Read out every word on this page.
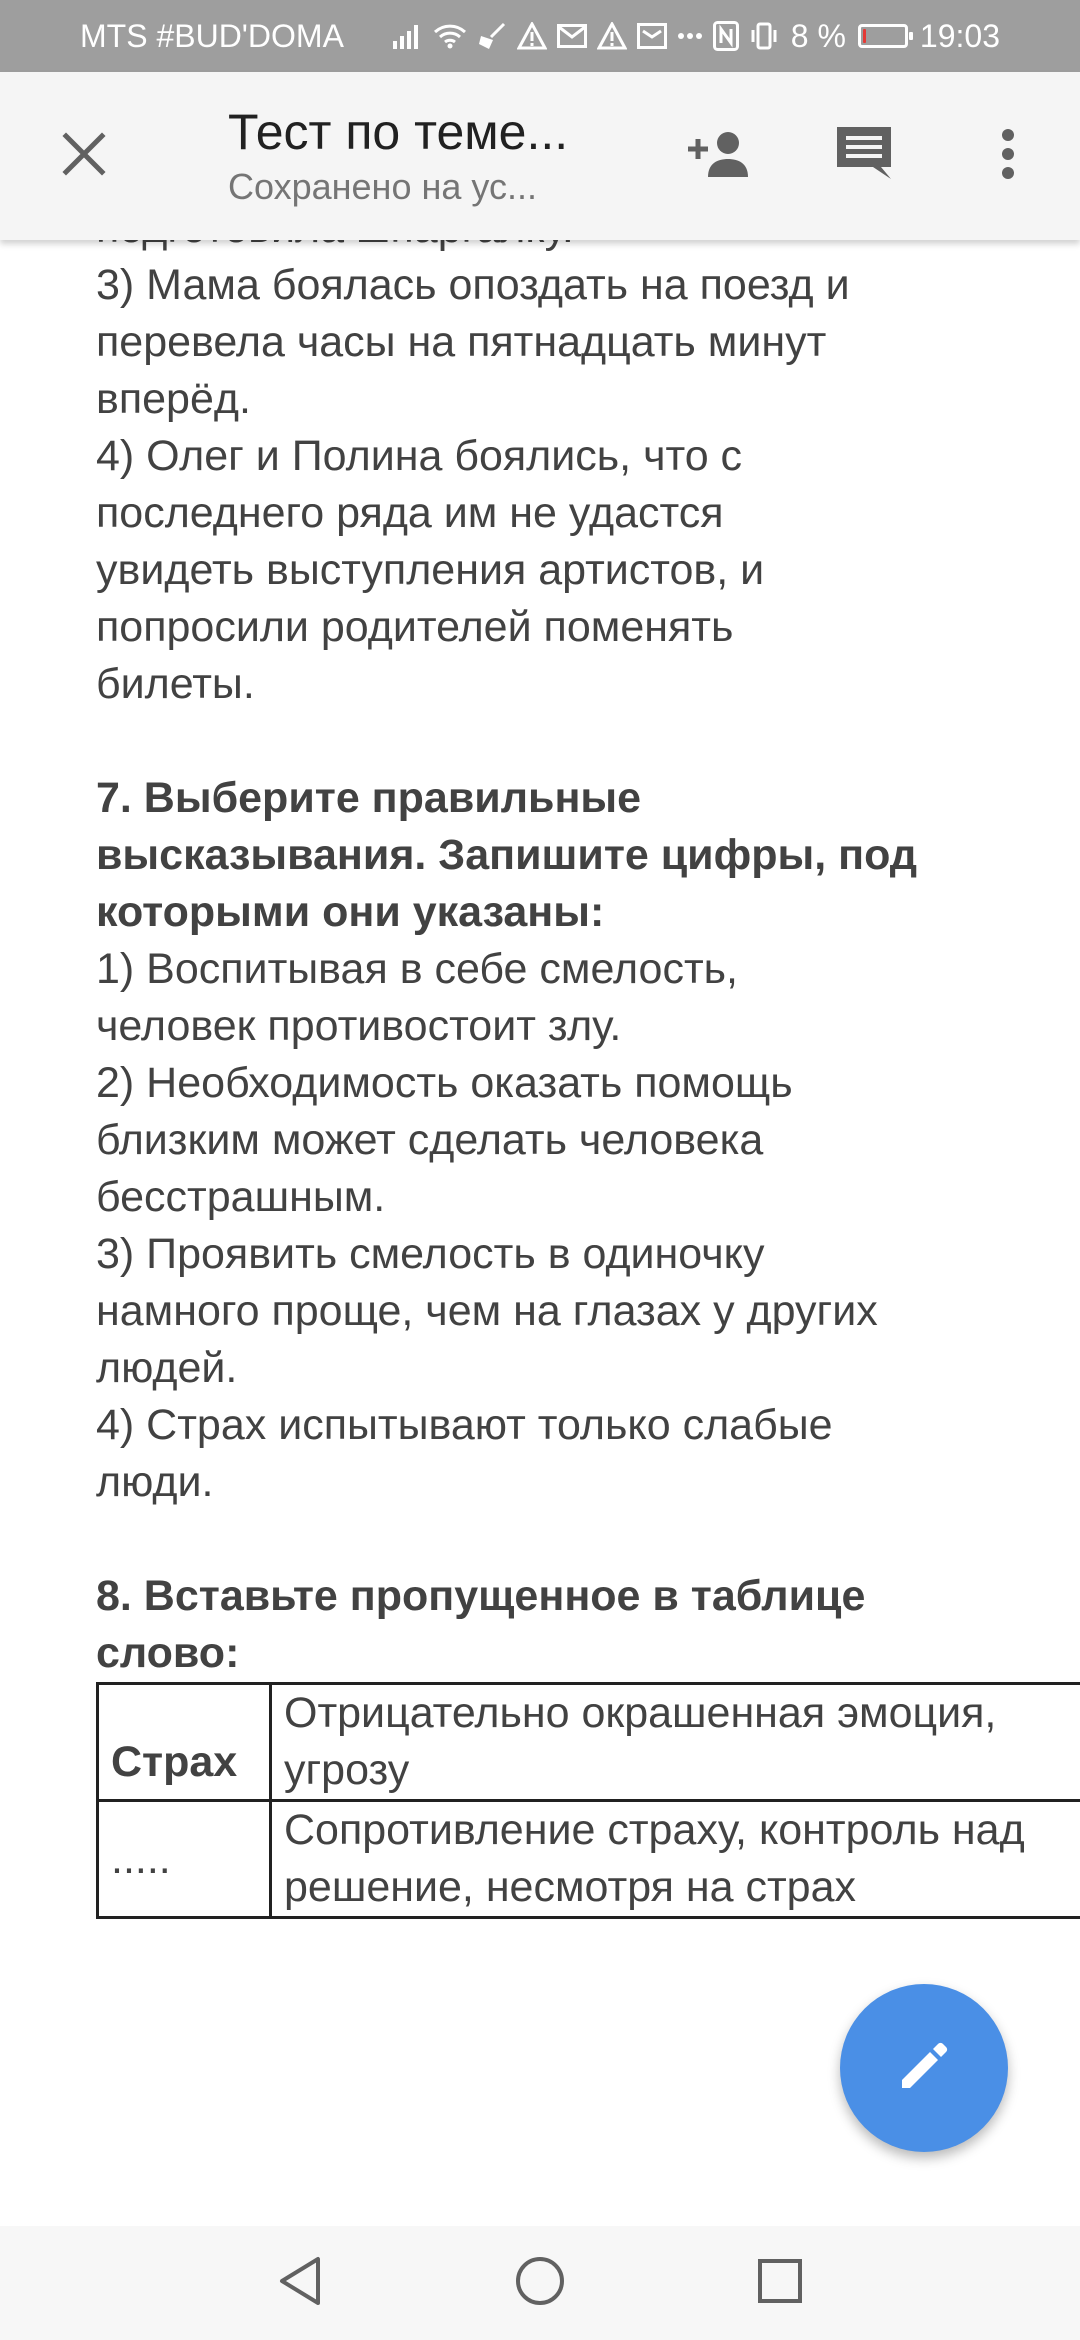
MTS #BUD'DOMA	8 % 19:03
Тест по теме...
Сохранено на ус...
3) Мама боялась опоздать на поезд и
перевела часы на пятнадцать минут
вперёд.
4) Олег и Полина боялись, что с
последнего ряда им не удастся
увидеть выступления артистов, и
попросили родителей поменять
билеты.
7. Выберите правильные
высказывания. Запишите цифры, под
которыми они указаны:
1) Воспитывая в себе смелость,
человек противостоит злу.
2) Необходимость оказать помощь
близким может сделать человека
бесстрашным.
3) Проявить смелость в одиночку
намного проще, чем на глазах у других
людей.
4) Страх испытывают только слабые
люди.
8. Вставьте пропущенное в таблице
слово:
Страх	Отрицательно окрашенная эмоция,
угрозу

.....	Сопротивление страху, контроль над
решение, несмотря на страх
